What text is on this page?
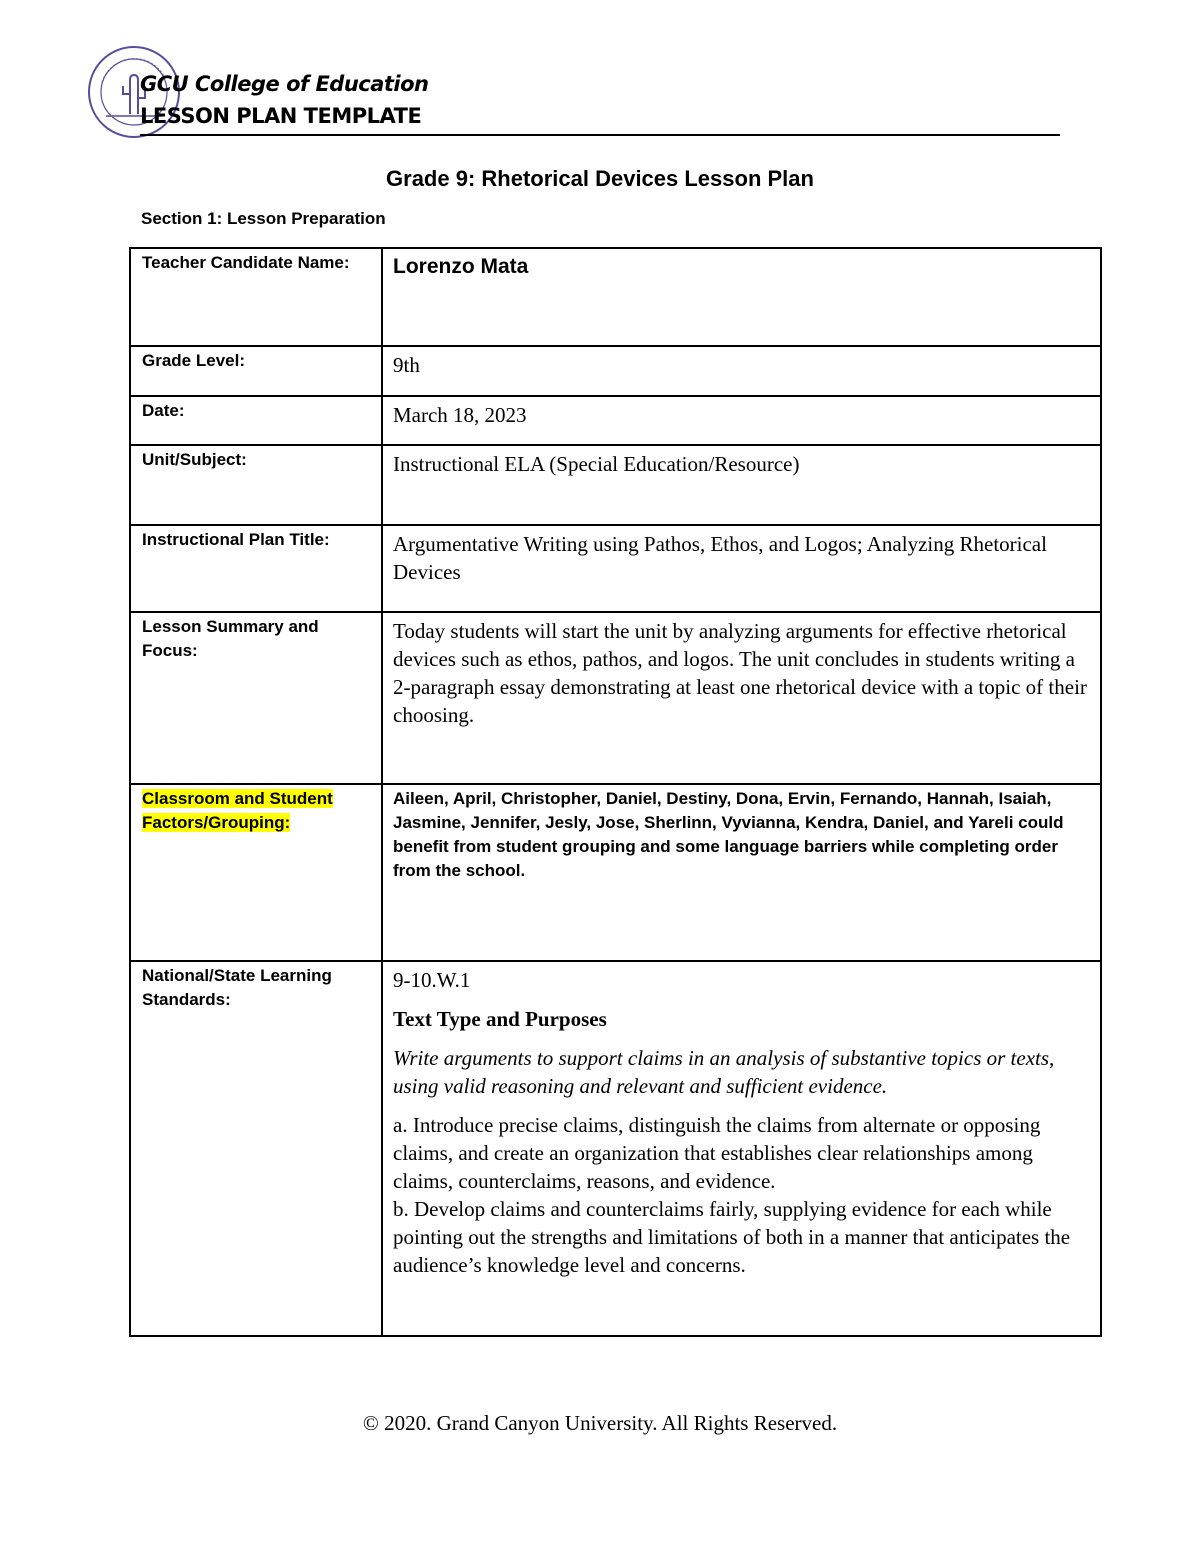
GCU College of Education
LESSON PLAN TEMPLATE
Grade 9: Rhetorical Devices Lesson Plan
Section 1: Lesson Preparation
Teacher Candidate Name:	Lorenzo Mata

Grade Level:	9th

Date:	March 18, 2023

Unit/Subject:	Instructional ELA (Special Education/Resource)

Instructional Plan Title:	Argumentative Writing using Pathos, Ethos, and Logos; Analyzing Rhetorical Devices

Lesson Summary and Focus:	Today students will start the unit by analyzing arguments for effective rhetorical devices such as ethos, pathos, and logos. The unit concludes in students writing a 2-paragraph essay demonstrating at least one rhetorical device with a topic of their choosing.

Classroom and Student Factors/Grouping:	Aileen, April, Christopher, Daniel, Destiny, Dona, Ervin, Fernando, Hannah, Isaiah, Jasmine, Jennifer, Jesly, Jose, Sherlinn, Vyvianna, Kendra, Daniel, and Yareli could benefit from student grouping and some language barriers while completing order from the school.

National/State Learning Standards:	9-10.W.1

Text Type and Purposes

Write arguments to support claims in an analysis of substantive topics or texts, using valid reasoning and relevant and sufficient evidence.

a. Introduce precise claims, distinguish the claims from alternate or opposing claims, and create an organization that establishes clear relationships among claims, counterclaims, reasons, and evidence.

b. Develop claims and counterclaims fairly, supplying evidence for each while pointing out the strengths and limitations of both in a manner that anticipates the audience’s knowledge level and concerns.

© 2020. Grand Canyon University. All Rights Reserved.
